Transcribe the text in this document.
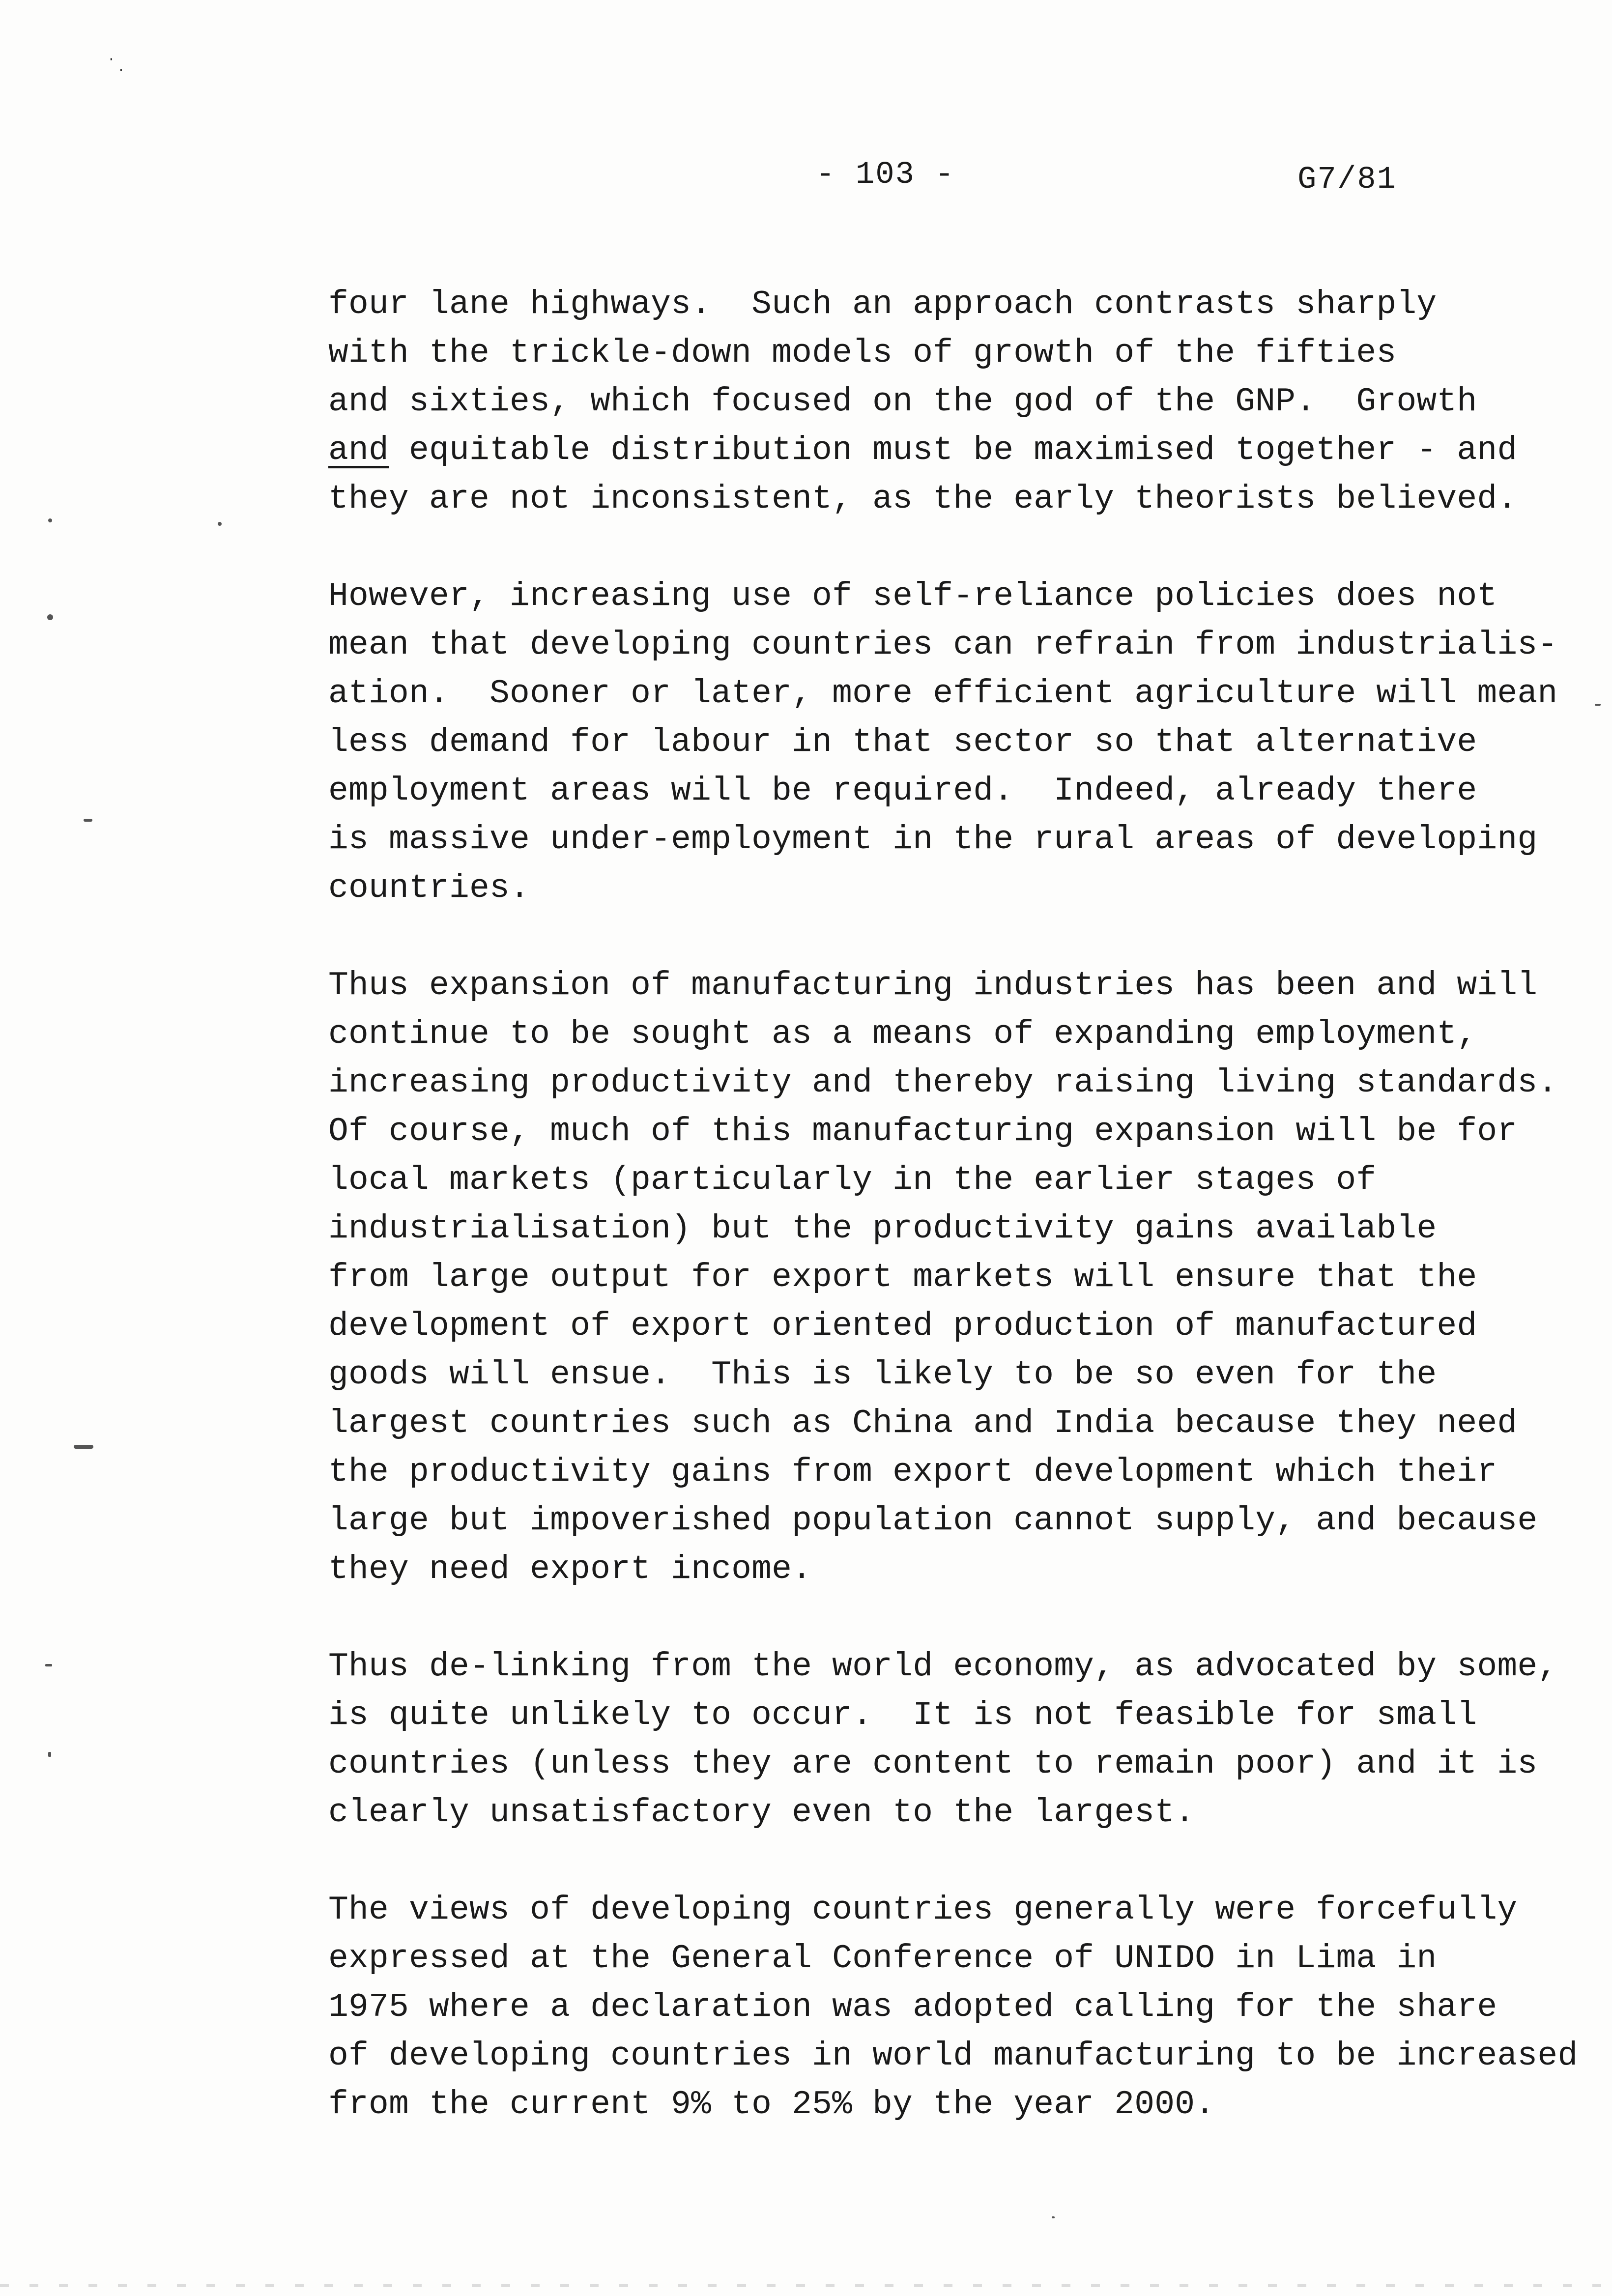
- 103 -	G7/81
four lane highways.  Such an approach contrasts sharply
with the trickle-down models of growth of the fifties
and sixties, which focused on the god of the GNP.  Growth
and equitable distribution must be maximised together - and
they are not inconsistent, as the early theorists believed.
However, increasing use of self-reliance policies does not
mean that developing countries can refrain from industrialis-
ation.  Sooner or later, more efficient agriculture will mean
less demand for labour in that sector so that alternative
employment areas will be required.  Indeed, already there
is massive under-employment in the rural areas of developing
countries.
Thus expansion of manufacturing industries has been and will
continue to be sought as a means of expanding employment,
increasing productivity and thereby raising living standards.
Of course, much of this manufacturing expansion will be for
local markets (particularly in the earlier stages of
industrialisation) but the productivity gains available
from large output for export markets will ensure that the
development of export oriented production of manufactured
goods will ensue.  This is likely to be so even for the
largest countries such as China and India because they need
the productivity gains from export development which their
large but impoverished population cannot supply, and because
they need export income.
Thus de-linking from the world economy, as advocated by some,
is quite unlikely to occur.  It is not feasible for small
countries (unless they are content to remain poor) and it is
clearly unsatisfactory even to the largest.
The views of developing countries generally were forcefully
expressed at the General Conference of UNIDO in Lima in
1975 where a declaration was adopted calling for the share
of developing countries in world manufacturing to be increased
from the current 9% to 25% by the year 2000.
·
·
